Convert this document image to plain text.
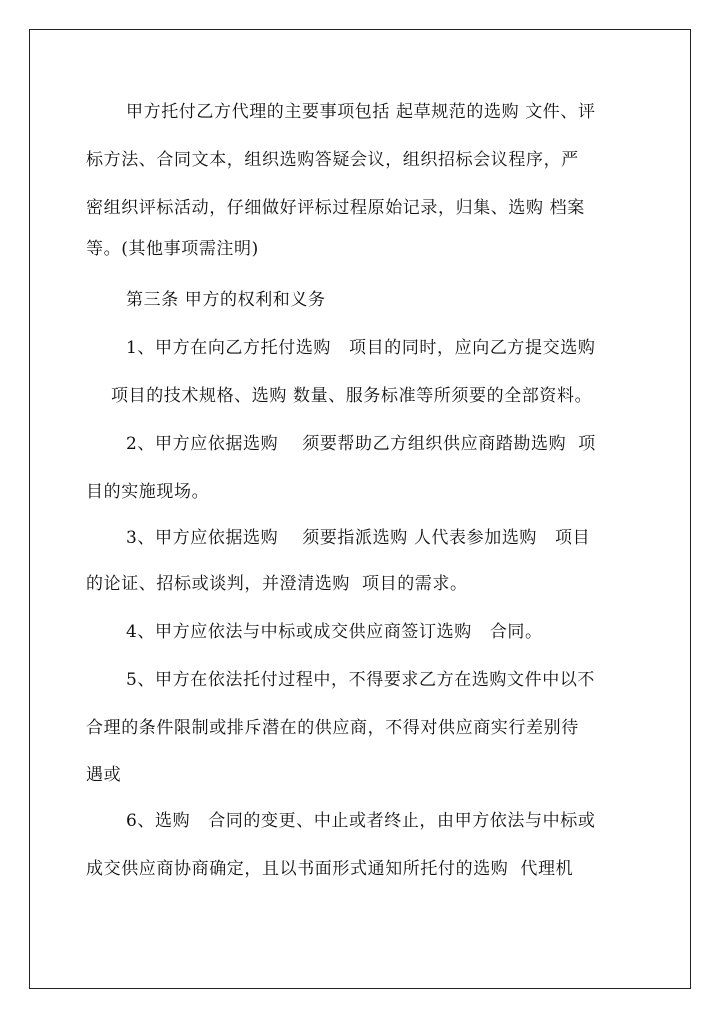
甲方托付乙方代理的主要事项包括 起草规范的选购 文件、评
标方法、合同文本，组织选购答疑会议，组织招标会议程序，严
密组织评标活动，仔细做好评标过程原始记录，归集、选购 档案
等。(其他事项需注明)
第三条 甲方的权利和义务
1、甲方在向乙方托付选购   项目的同时，应向乙方提交选购
项目的技术规格、选购 数量、服务标准等所须要的全部资料。
2、甲方应依据选购    须要帮助乙方组织供应商踏勘选购  项
目的实施现场。
3、甲方应依据选购    须要指派选购 人代表参加选购   项目
的论证、招标或谈判，并澄清选购  项目的需求。
4、甲方应依法与中标或成交供应商签订选购   合同。
5、甲方在依法托付过程中，不得要求乙方在选购文件中以不
合理的条件限制或排斥潜在的供应商，不得对供应商实行差别待
遇或
6、选购   合同的变更、中止或者终止，由甲方依法与中标或
成交供应商协商确定，且以书面形式通知所托付的选购  代理机
